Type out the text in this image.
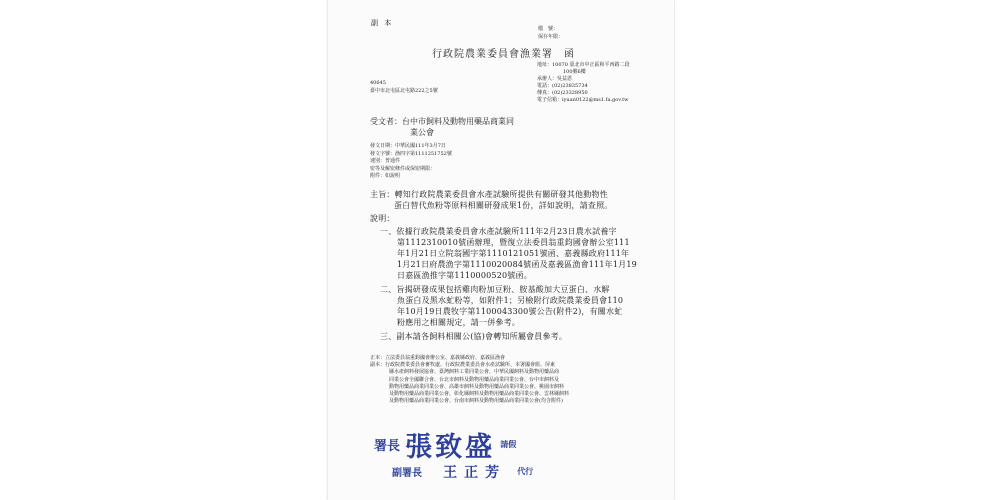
副 本
檔　號：
保存年限：
行政院農業委員會漁業署　函
地址：10070 臺北市中正區和平西路二段
100號6樓
承辦人：吳益恩
電話：(02)23835734
傳真：(02)23328950
電子信箱：iyuan0122@ms1.fa.gov.tw
40645
臺中市北屯區北屯路222之5號
受文者：台中市飼料及動物用藥品商業同
業公會
發文日期：中華民國111年3月7日
發文字號：漁四字第1111251752號
速別：普通件
密等及解密條件或保密期限：
附件：如說明
主旨：轉知行政院農業委員會水產試驗所提供有關研發其他動物性
蛋白替代魚粉等原料相關研發成果1份，詳如說明，請查照。
說明：
一、依據行政院農業委員會水產試驗所111年2月23日農水試養字
第1112310010號函辦理，暨復立法委員翁重鈞國會辦公室111
年1月21日立院翁國字第1110121051號函、嘉義縣政府111年
1月21日府農漁字第1110020084號函及嘉義區漁會111年1月19
日嘉區漁推字第1110000520號函。
二、旨揭研發成果包括雞肉粉加豆粉、胺基酸加大豆蛋白、水解
魚蛋白及黑水虻粉等，如附件1；另檢附行政院農業委員會110
年10月19日農牧字第1100043300號公告(附件2)，有關水虻
粉應用之相關規定，請一併參考。
三、副本請各飼料相關公(協)會轉知所屬會員參考。
正本：立法委員翁重鈞國會辦公室、嘉義縣政府、嘉義區漁會
副本：行政院農業委員會畜牧處、行政院農業委員會水產試驗所、本署國會組、屏東
縣水產飼料發展協會、臺灣飼料工業同業公會、中華民國飼料及動物用藥品商
同業公會全國聯合會、台北市飼料及動物用藥品商業同業公會、台中市飼料及
動物用藥品商業同業公會、高雄市飼料及動物用藥品商業同業公會、桃園市飼料
及動物用藥品商業同業公會、彰化縣飼料及動物用藥品商業同業公會、雲林縣飼料
及動物用藥品商業同業公會、台南市飼料及動物用藥品商業同業公會(均含附件)
署長 張致盛 請假
副署長 王正芳 代行
